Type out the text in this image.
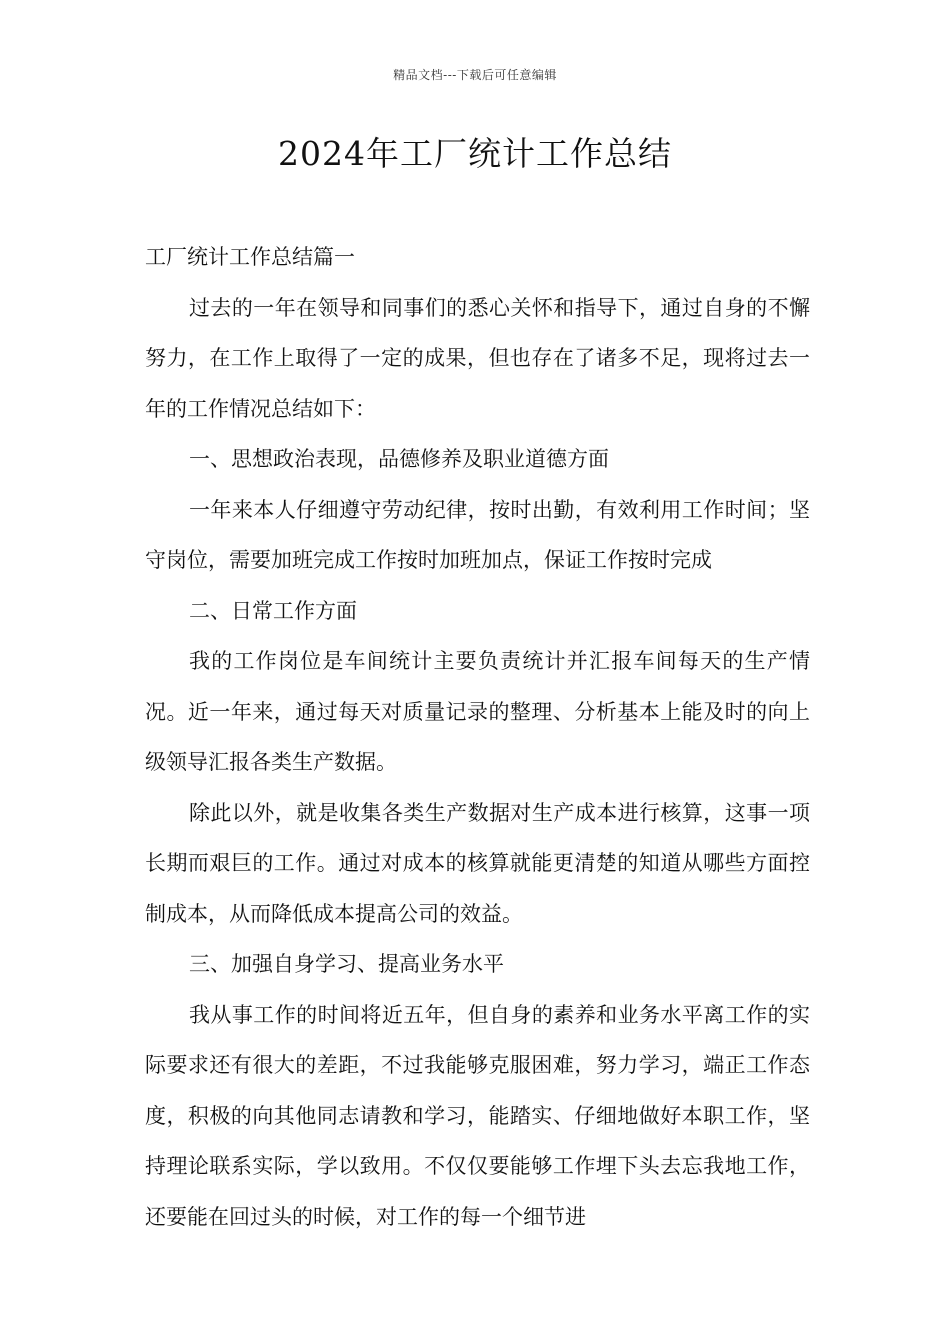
精品文档---下载后可任意编辑
2024年工厂统计工作总结

工厂统计工作总结篇一

过去的一年在领导和同事们的悉心关怀和指导下，通过自身的不懈努力，在工作上取得了一定的成果，但也存在了诸多不足，现将过去一年的工作情况总结如下：

一、思想政治表现，品德修养及职业道德方面

一年来本人仔细遵守劳动纪律，按时出勤，有效利用工作时间；坚守岗位，需要加班完成工作按时加班加点，保证工作按时完成

二、日常工作方面

我的工作岗位是车间统计主要负责统计并汇报车间每天的生产情况。近一年来，通过每天对质量记录的整理、分析基本上能及时的向上级领导汇报各类生产数据。

除此以外，就是收集各类生产数据对生产成本进行核算，这事一项长期而艰巨的工作。通过对成本的核算就能更清楚的知道从哪些方面控制成本，从而降低成本提高公司的效益。

三、加强自身学习、提高业务水平

我从事工作的时间将近五年，但自身的素养和业务水平离工作的实际要求还有很大的差距，不过我能够克服困难，努力学习，端正工作态度，积极的向其他同志请教和学习，能踏实、仔细地做好本职工作，坚持理论联系实际，学以致用。不仅仅要能够工作埋下头去忘我地工作，还要能在回过头的时候，对工作的每一个细节进
